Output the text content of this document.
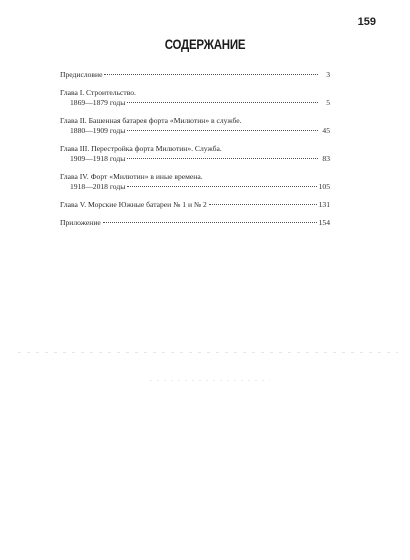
159
СОДЕРЖАНИЕ
Предисловие	3
Глава I. Строительство.
1869—1879 годы	5
Глава II. Башенная батарея форта «Милютин» в службе.
1880—1909 годы	45
Глава III. Перестройка форта Милютин». Служба.
1909—1918 годы	83
Глава IV. Форт «Милютин» в иные времена.
1918—2018 годы	105
Глава V. Морские Южные батареи № 1 и № 2	131
Приложение	154
